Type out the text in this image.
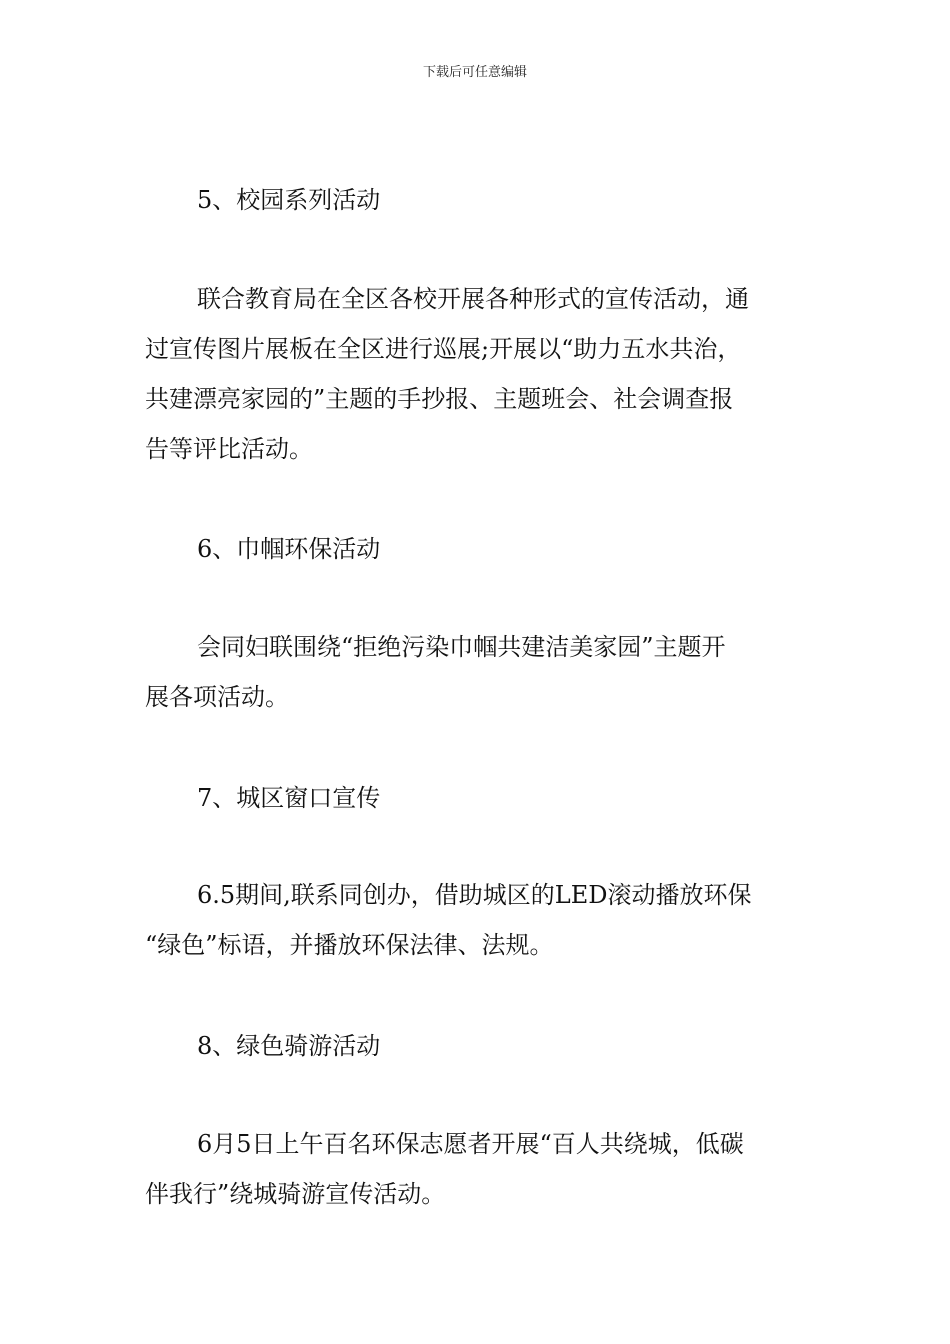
下载后可任意编辑
5、校园系列活动
联合教育局在全区各校开展各种形式的宣传活动，通
过宣传图片展板在全区进行巡展;开展以“助力五水共治，
共建漂亮家园的”主题的手抄报、主题班会、社会调查报
告等评比活动。
6、巾帼环保活动
会同妇联围绕“拒绝污染巾帼共建洁美家园”主题开
展各项活动。
7、城区窗口宣传
6.5期间,联系同创办，借助城区的LED滚动播放环保
“绿色”标语，并播放环保法律、法规。
8、绿色骑游活动
6月5日上午百名环保志愿者开展“百人共绕城，低碳
伴我行”绕城骑游宣传活动。
